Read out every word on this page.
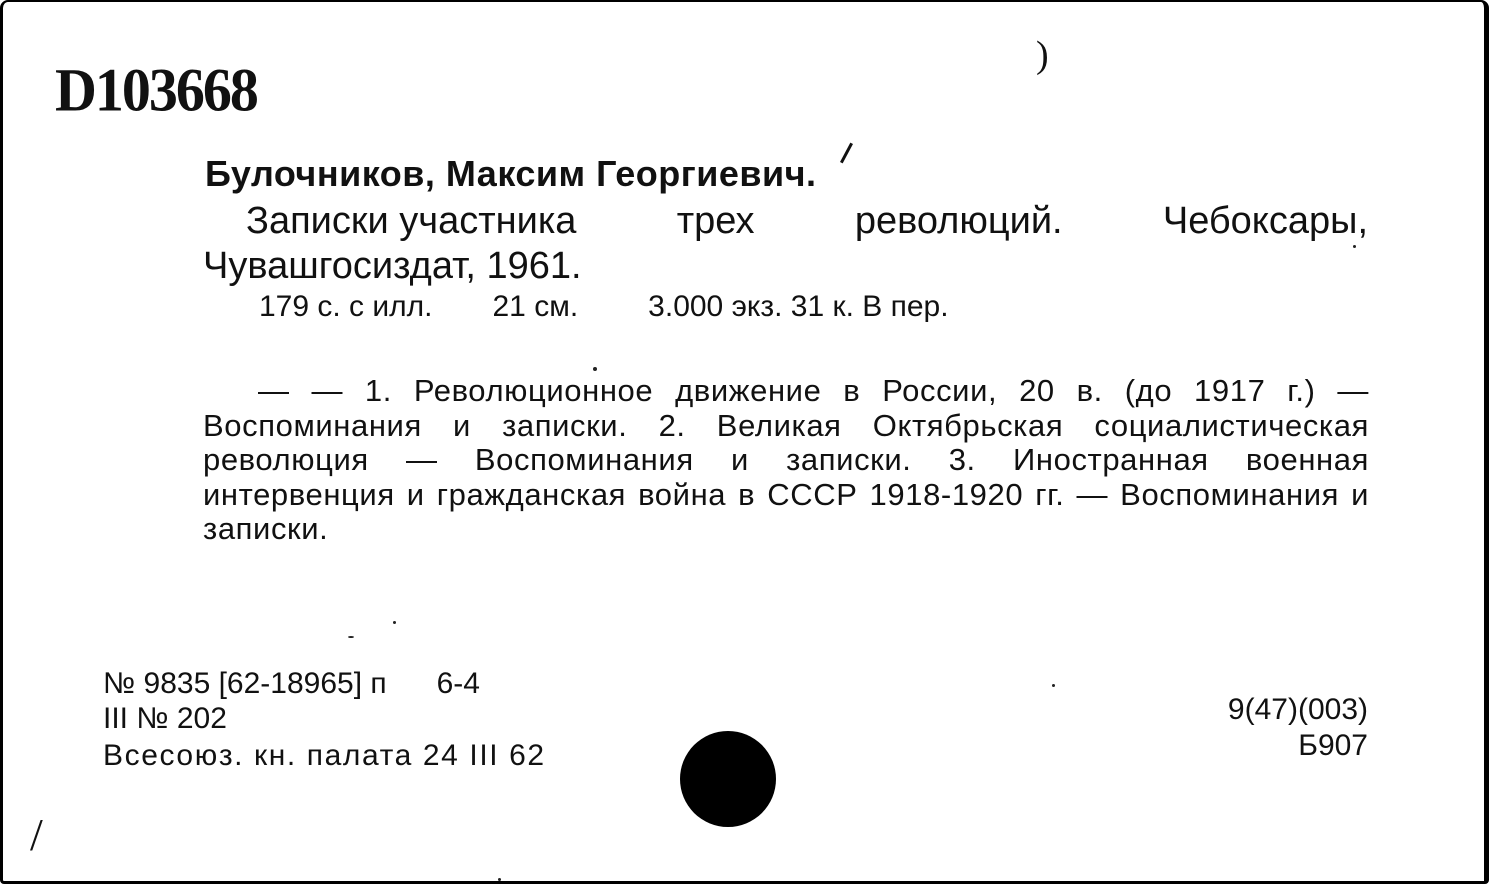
D103668
)
Булочников, Максим Георгиевич.
Записки участника	трех	революций.	Чебоксары,
Чувашгосиздат, 1961.
179 с. с илл. 21 см. 3.000 экз. 31 к. В пер.
— — 1. Революционное движение в России, 20 в. (до 1917 г.) — Воспоминания и записки. 2. Великая Октябрьская социалистическая революция — Воспоминания и записки. 3. Иностранная военная интервенция и гражданская война в СССР 1918-1920 гг. — Воспоминания и записки.
№ 9835 [62-18965] п 6-4
III № 202
Всесоюз. кн. палата 24 III 62
9(47)(003)
Б907
/
